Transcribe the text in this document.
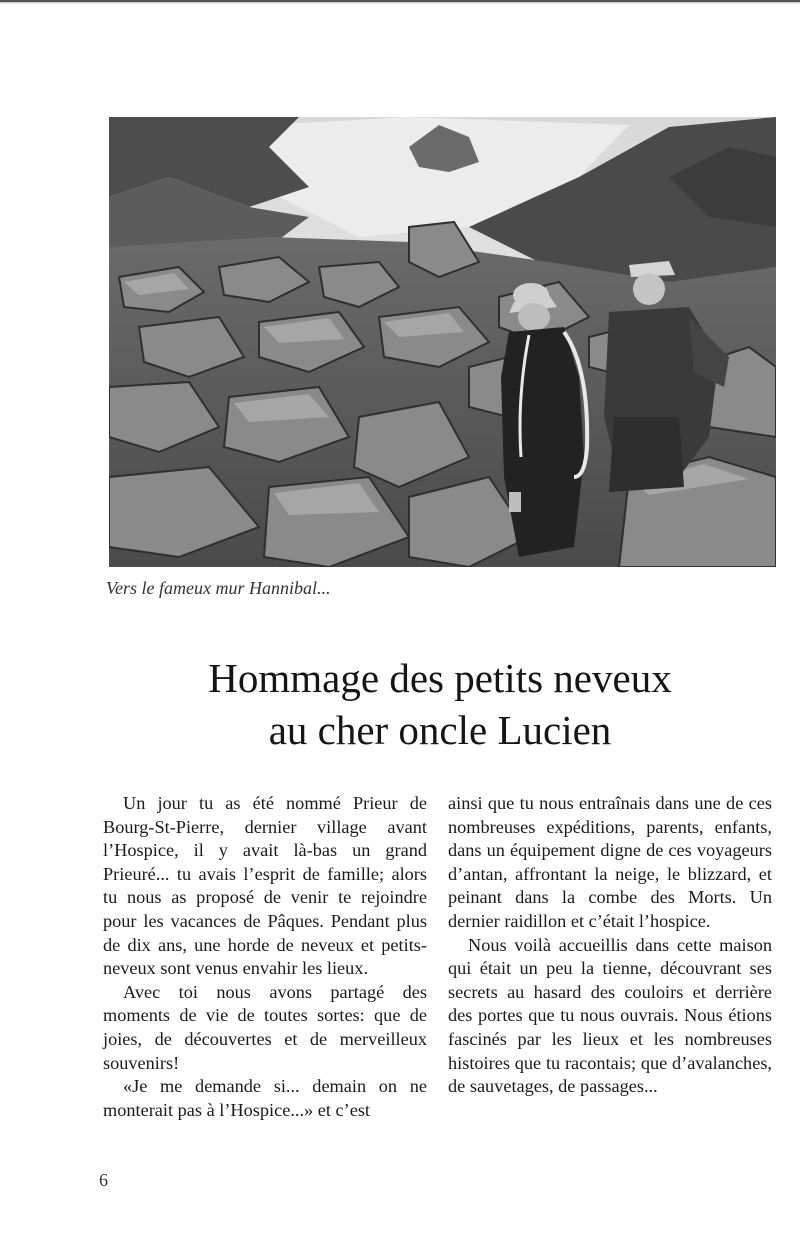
Vers le fameux mur Hannibal...
Hommage des petits neveux
au cher oncle Lucien

Un jour tu as été nommé Prieur de Bourg-St-Pierre, dernier village avant l’Hospice, il y avait là-bas un grand Prieuré... tu avais l’esprit de famille; alors tu nous as proposé de venir te rejoindre pour les vacances de Pâques. Pendant plus de dix ans, une horde de neveux et petits-neveux sont venus envahir les lieux.

Avec toi nous avons partagé des moments de vie de toutes sortes: que de joies, de découvertes et de merveilleux souvenirs!

«Je me demande si... demain on ne monterait pas à l’Hospice...» et c’est

ainsi que tu nous entraînais dans une de ces nombreuses expéditions, parents, enfants, dans un équipement digne de ces voyageurs d’antan, affrontant la neige, le blizzard, et peinant dans la combe des Morts. Un dernier raidillon et c’était l’hospice.

Nous voilà accueillis dans cette maison qui était un peu la tienne, découvrant ses secrets au hasard des couloirs et derrière des portes que tu nous ouvrais. Nous étions fascinés par les lieux et les nombreuses histoires que tu racontais; que d’avalanches, de sauvetages, de passages...

6
